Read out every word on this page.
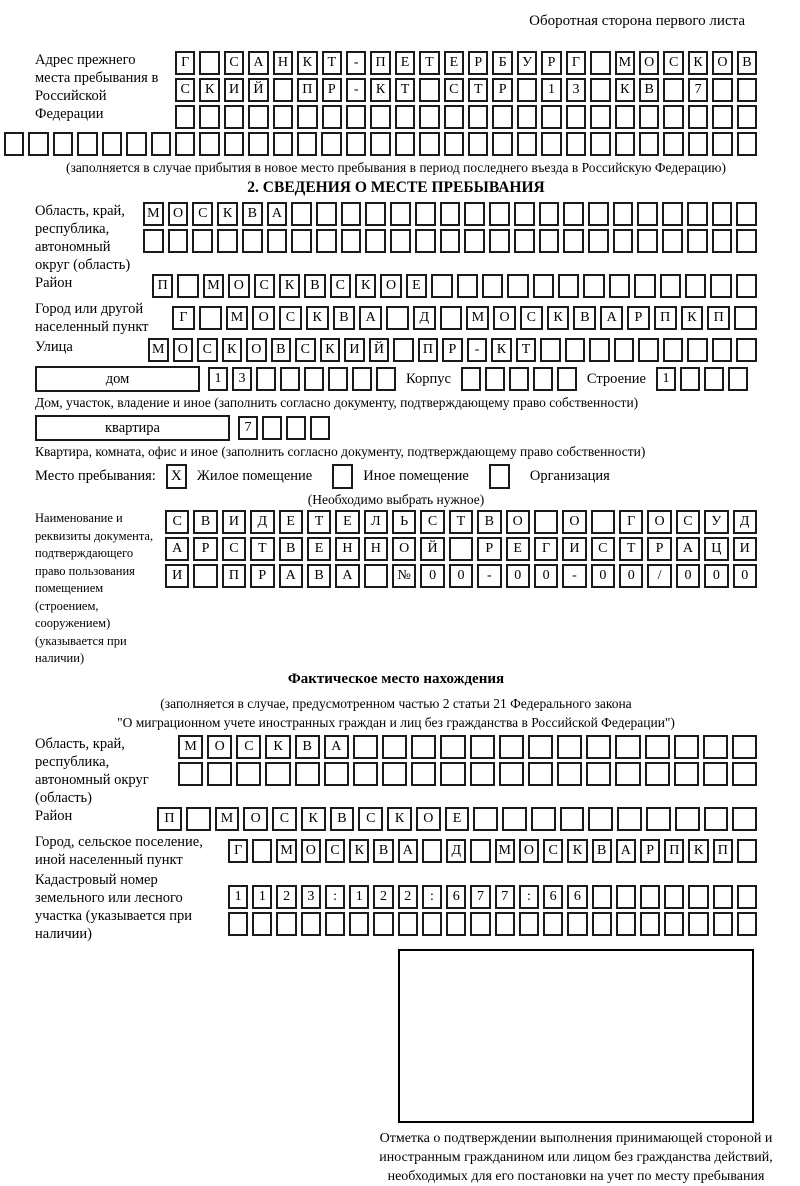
Оборотная сторона первого листа
Адрес прежнего места пребывания в Российской Федерации
Г	С	А	Н	К	Т	-	П	Е	Т	Е	Р	Б	У	Р	Г	М О	С	К	О	В
С	К	И	Й	П	Р	-	К	Т	С	Т	Р	1	3	К	В	7
(заполняется в случае прибытия в новое место пребывания в период последнего въезда в Российскую Федерацию)
2. СВЕДЕНИЯ О МЕСТЕ ПРЕБЫВАНИЯ
Область, край, республика, автономный округ (область)
М О	С	К	В	А
Район	П	М	О	С	К	В	С	К	О	Е
Город или другой населенный пункт
Г	М	О	С	К	В	А	Д	М	О	С	К	В	А	Р	П	К	П
Улица	М О	С	К	О	В	С	К	И	Й	П	Р	-	К	Т
дом	1	3	Корпус	Строение	1
Дом, участок, владение и иное (заполнить согласно документу, подтверждающему право собственности)
квартира	7
Квартира, комната, офис и иное (заполнить согласно документу, подтверждающему право собственности)
Место пребывания:	X	Жилое помещение	Иное помещение	Организация
(Необходимо выбрать нужное)
Наименование и реквизиты документа, подтверждающего право пользования помещением (строением, сооружением) (указывается при наличии)
С	В	И	Д	Е	Т	Е	Л	Ь	С	Т	В	О	О	Г	О	С	У	Д
А	Р	С	Т	В	Е	Н	Н	О	Й	Р	Е	Г	И	С	Т	Р	А	Ц	И
И	П	Р	А	В	А	№	0	0	-	0	0	-	0	0	/	0	0	0
Фактическое место нахождения
(заполняется в случае, предусмотренном частью 2 статьи 21 Федерального закона
"О миграционном учете иностранных граждан и лиц без гражданства в Российской Федерации")
Область, край, республика, автономный округ (область)
М	О	С	К	В	А
Район	П	М	О	С	К	В	С	К	О	Е
Город, сельское поселение, иной населенный пункт
Г	М О	С	К	В	А	Д	М О	С	К	В	А	Р	П	К	П
Кадастровый номер земельного или лесного участка (указывается при наличии)
1	1	2	3	:	1	2	2	:	6	7	7	:	6	6
Отметка о подтверждении выполнения принимающей стороной и иностранным гражданином или лицом без гражданства действий, необходимых для его постановки на учет по месту пребывания
